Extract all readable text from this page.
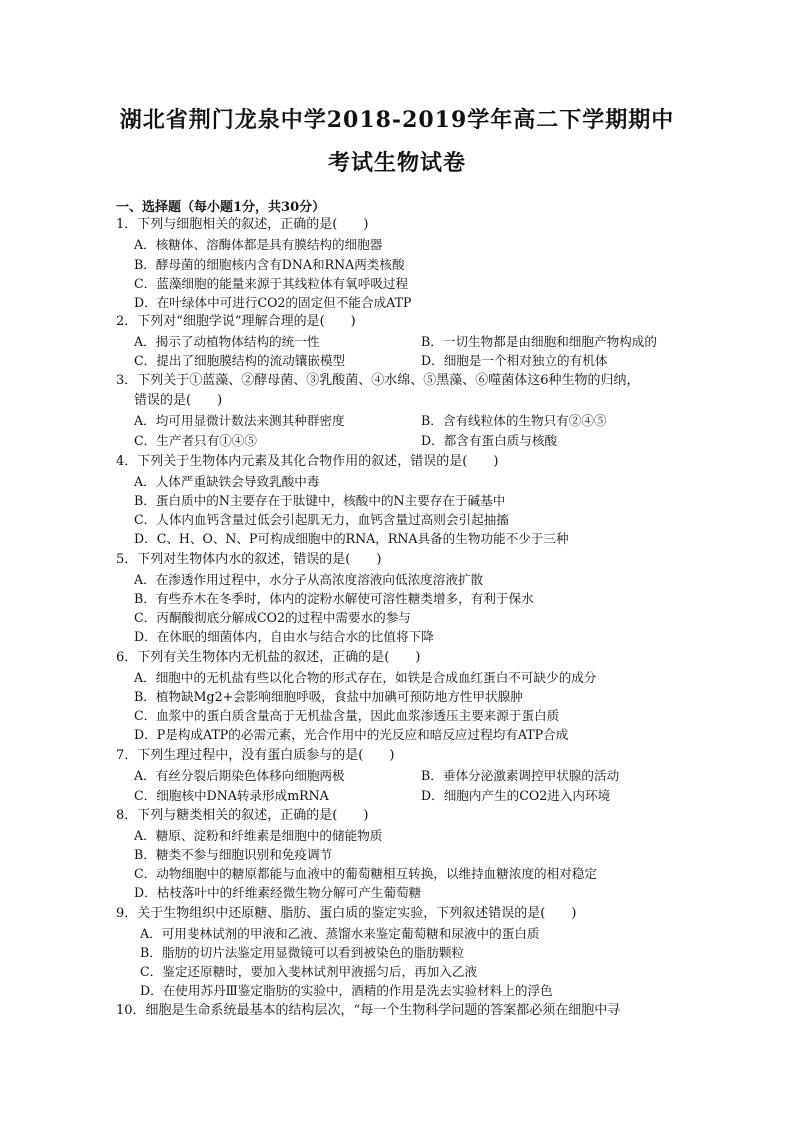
湖北省荆门龙泉中学2018-2019学年高二下学期期中
考试生物试卷
一、选择题（每小题1分，共30分）
1．下列与细胞相关的叙述，正确的是(　　)
A．核糖体、溶酶体都是具有膜结构的细胞器
B．酵母菌的细胞核内含有DNA和RNA两类核酸
C．蓝藻细胞的能量来源于其线粒体有氧呼吸过程
D．在叶绿体中可进行CO2的固定但不能合成ATP
2．下列对“细胞学说”理解合理的是(　　)
A．揭示了动植物体结构的统一性	B．一切生物都是由细胞和细胞产物构成的
C．提出了细胞膜结构的流动镶嵌模型	D．细胞是一个相对独立的有机体
3．下列关于①蓝藻、②酵母菌、③乳酸菌、④水绵、⑤黑藻、⑥噬菌体这6种生物的归纳，
错误的是(　　)
A．均可用显微计数法来测其种群密度	B．含有线粒体的生物只有②④⑤
C．生产者只有①④⑤	D．都含有蛋白质与核酸
4．下列关于生物体内元素及其化合物作用的叙述，错误的是(　　)
A．人体严重缺铁会导致乳酸中毒
B．蛋白质中的N主要存在于肽键中，核酸中的N主要存在于碱基中
C．人体内血钙含量过低会引起肌无力，血钙含量过高则会引起抽搐
D．C、H、O、N、P可构成细胞中的RNA，RNA具备的生物功能不少于三种
5．下列对生物体内水的叙述，错误的是(　　)
A．在渗透作用过程中，水分子从高浓度溶液向低浓度溶液扩散
B．有些乔木在冬季时，体内的淀粉水解使可溶性糖类增多，有利于保水
C．丙酮酸彻底分解成CO2的过程中需要水的参与
D．在休眠的细菌体内，自由水与结合水的比值将下降
6．下列有关生物体内无机盐的叙述，正确的是(　　)
A．细胞中的无机盐有些以化合物的形式存在，如铁是合成血红蛋白不可缺少的成分
B．植物缺Mg2+会影响细胞呼吸，食盐中加碘可预防地方性甲状腺肿
C．血浆中的蛋白质含量高于无机盐含量，因此血浆渗透压主要来源于蛋白质
D．P是构成ATP的必需元素，光合作用中的光反应和暗反应过程均有ATP合成
7．下列生理过程中，没有蛋白质参与的是(　　)
A．有丝分裂后期染色体移向细胞两极	B．垂体分泌激素调控甲状腺的活动
C．细胞核中DNA转录形成mRNA	D．细胞内产生的CO2进入内环境
8．下列与糖类相关的叙述，正确的是(　　)
A．糖原、淀粉和纤维素是细胞中的储能物质
B．糖类不参与细胞识别和免疫调节
C．动物细胞中的糖原都能与血液中的葡萄糖相互转换，以维持血糖浓度的相对稳定
D．枯枝落叶中的纤维素经微生物分解可产生葡萄糖
9．关于生物组织中还原糖、脂肪、蛋白质的鉴定实验，下列叙述错误的是(　　)
A．可用斐林试剂的甲液和乙液、蒸馏水来鉴定葡萄糖和尿液中的蛋白质
B．脂肪的切片法鉴定用显微镜可以看到被染色的脂肪颗粒
C．鉴定还原糖时，要加入斐林试剂甲液摇匀后，再加入乙液
D．在使用苏丹Ⅲ鉴定脂肪的实验中，酒精的作用是洗去实验材料上的浮色
10．细胞是生命系统最基本的结构层次，“每一个生物科学问题的答案都必须在细胞中寻
